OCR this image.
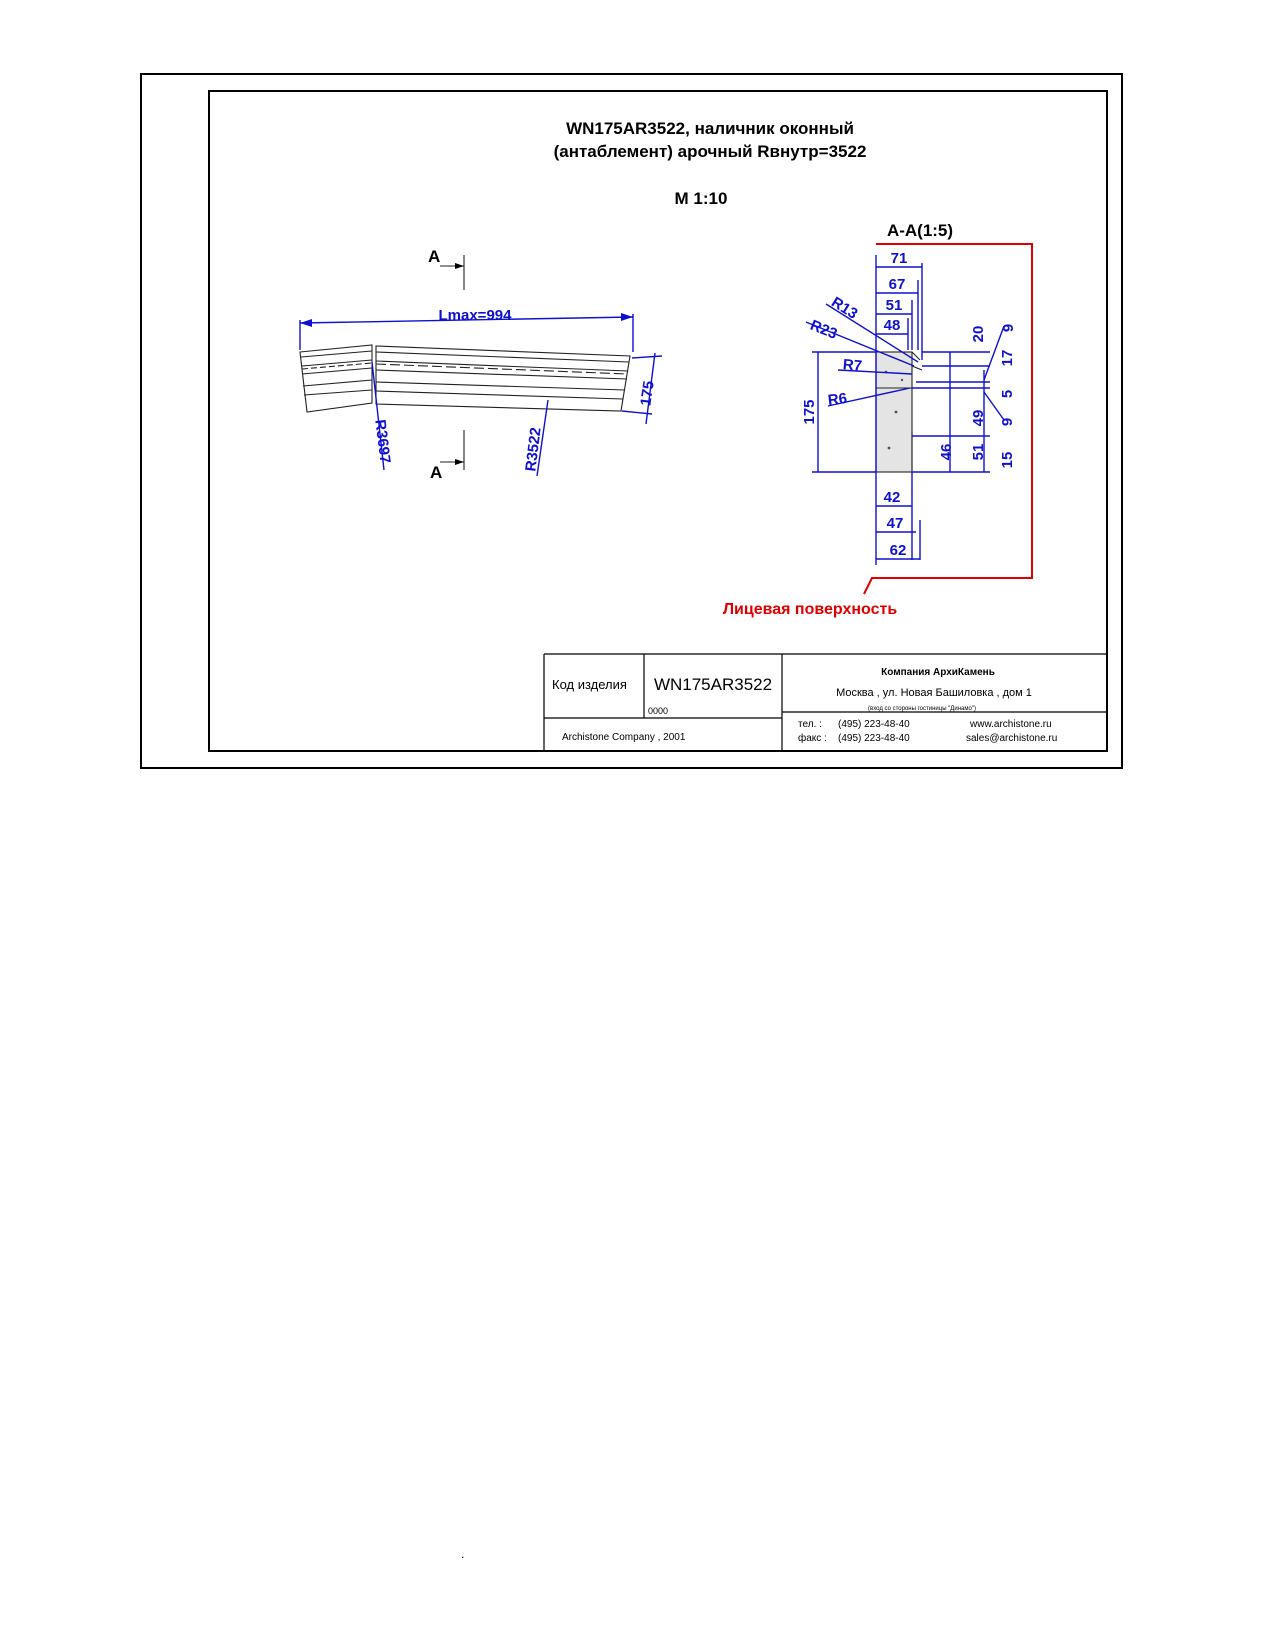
WN175AR3522, наличник оконный
(антаблемент) арочный Rвнутр=3522
М 1:10
A
A
Lmax=994
175
R3697	R3522
A-A(1:5)
Лицевая поверхность
71
67
51
48
42
47
62
R13
R23
R7
R6
175
20
17
5
49
51
46
9
9
15
Код изделия WN175AR3522
0000
Archistone Company , 2001
Компания АрхиКамень
Москва , ул. Новая Башиловка , дом 1
(вход со стороны гостиницы "Динамо")
тел. : (495) 223-48-40
факс : (495) 223-48-40
www.archistone.ru
sales@archistone.ru
.
